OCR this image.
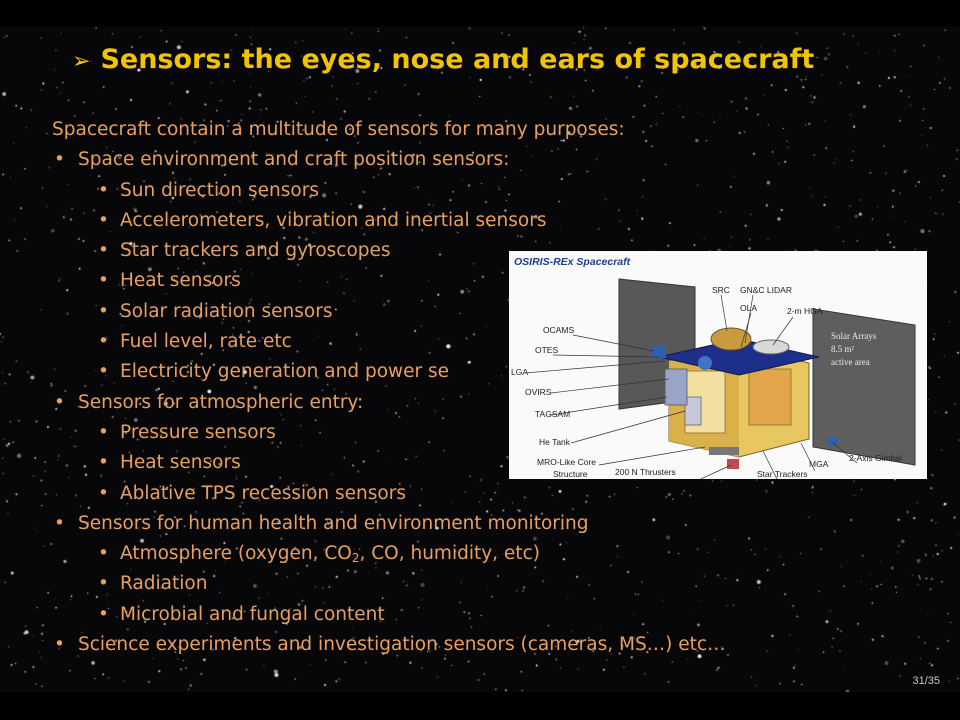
➢ Sensors: the eyes, nose and ears of spacecraft
Spacecraft contain a multitude of sensors for many purposes:
• Space environment and craft position sensors:
• Sun direction sensors
• Accelerometers, vibration and inertial sensors
• Star trackers and gyroscopes
• Heat sensors
• Solar radiation sensors
• Fuel level, rate etc
• Electricity generation and power se
• Sensors for atmospheric entry:
• Pressure sensors
• Heat sensors
• Ablative TPS recession sensors
• Sensors for human health and environment monitoring
• Atmosphere (oxygen, $CO_2$, CO, humidity, etc)
• Radiation
• Microbial and fungal content
• Science experiments and investigation sensors (cameras, MS…) etc…
OSIRIS-REx Spacecraft
Solar Arrays
8.5 m²
active area
SRC GN&C LIDAR
OLA	2-m HGA
OCAMS
OTES
LGA
OVIRS
TAGSAM
He Tank
MRO-Like Core
Structure	200 N Thrusters	Star Trackers
MGA
2-Axis Gimbal
31/35
